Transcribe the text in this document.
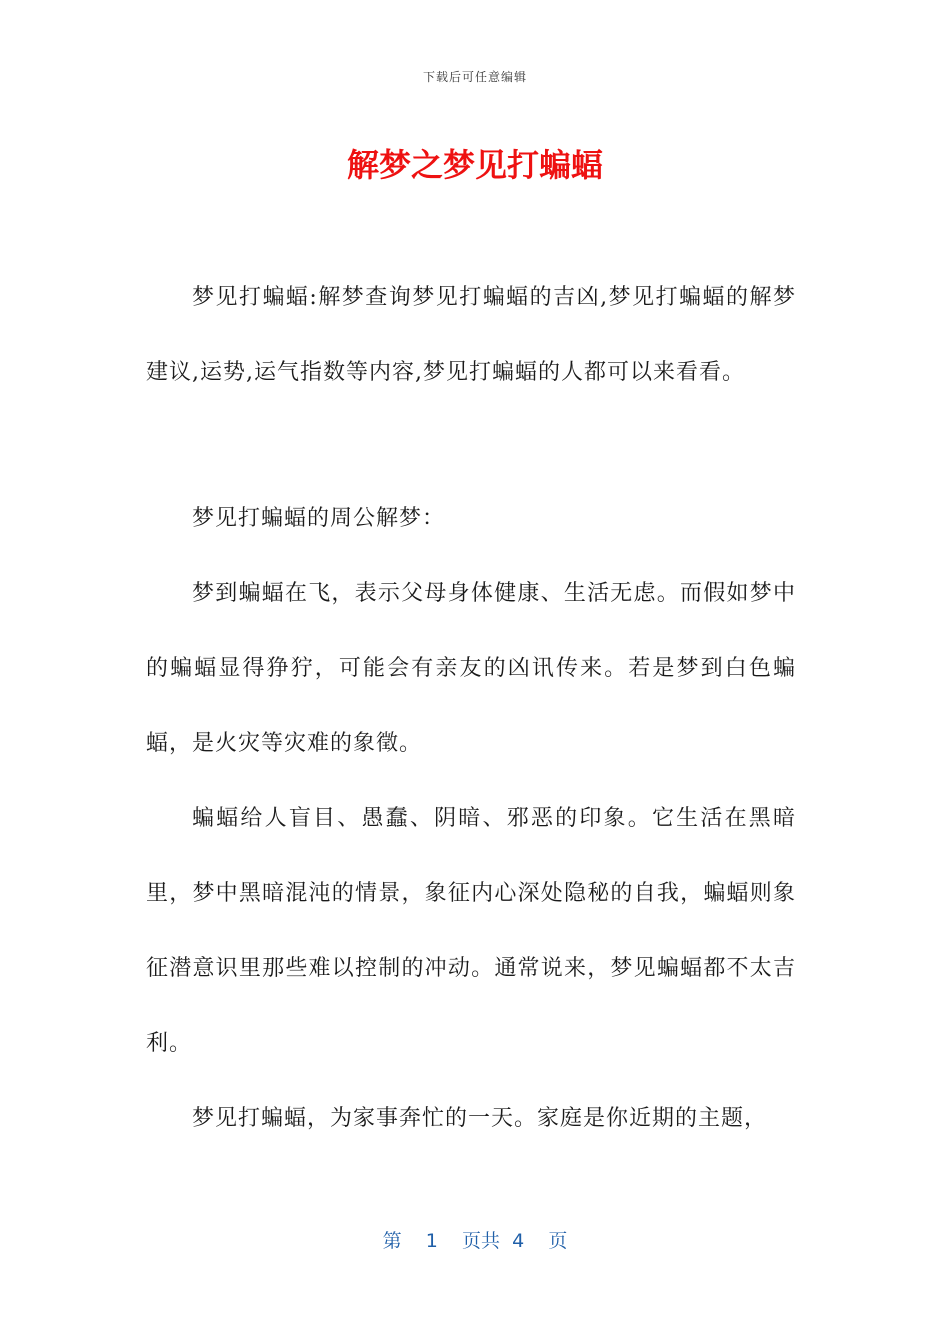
下载后可任意编辑
解梦之梦见打蝙蝠

梦见打蝙蝠:解梦查询梦见打蝙蝠的吉凶,梦见打蝙蝠的解梦建议,运势,运气指数等内容,梦见打蝙蝠的人都可以来看看。

梦见打蝙蝠的周公解梦：

梦到蝙蝠在飞，表示父母身体健康、生活无虑。而假如梦中的蝙蝠显得狰狞，可能会有亲友的凶讯传来。若是梦到白色蝙蝠，是火灾等灾难的象徵。

蝙蝠给人盲目、愚蠢、阴暗、邪恶的印象。它生活在黑暗里，梦中黑暗混沌的情景，象征内心深处隐秘的自我，蝙蝠则象征潜意识里那些难以控制的冲动。通常说来，梦见蝙蝠都不太吉利。

梦见打蝙蝠，为家事奔忙的一天。家庭是你近期的主题，

第 1 页共 4 页
